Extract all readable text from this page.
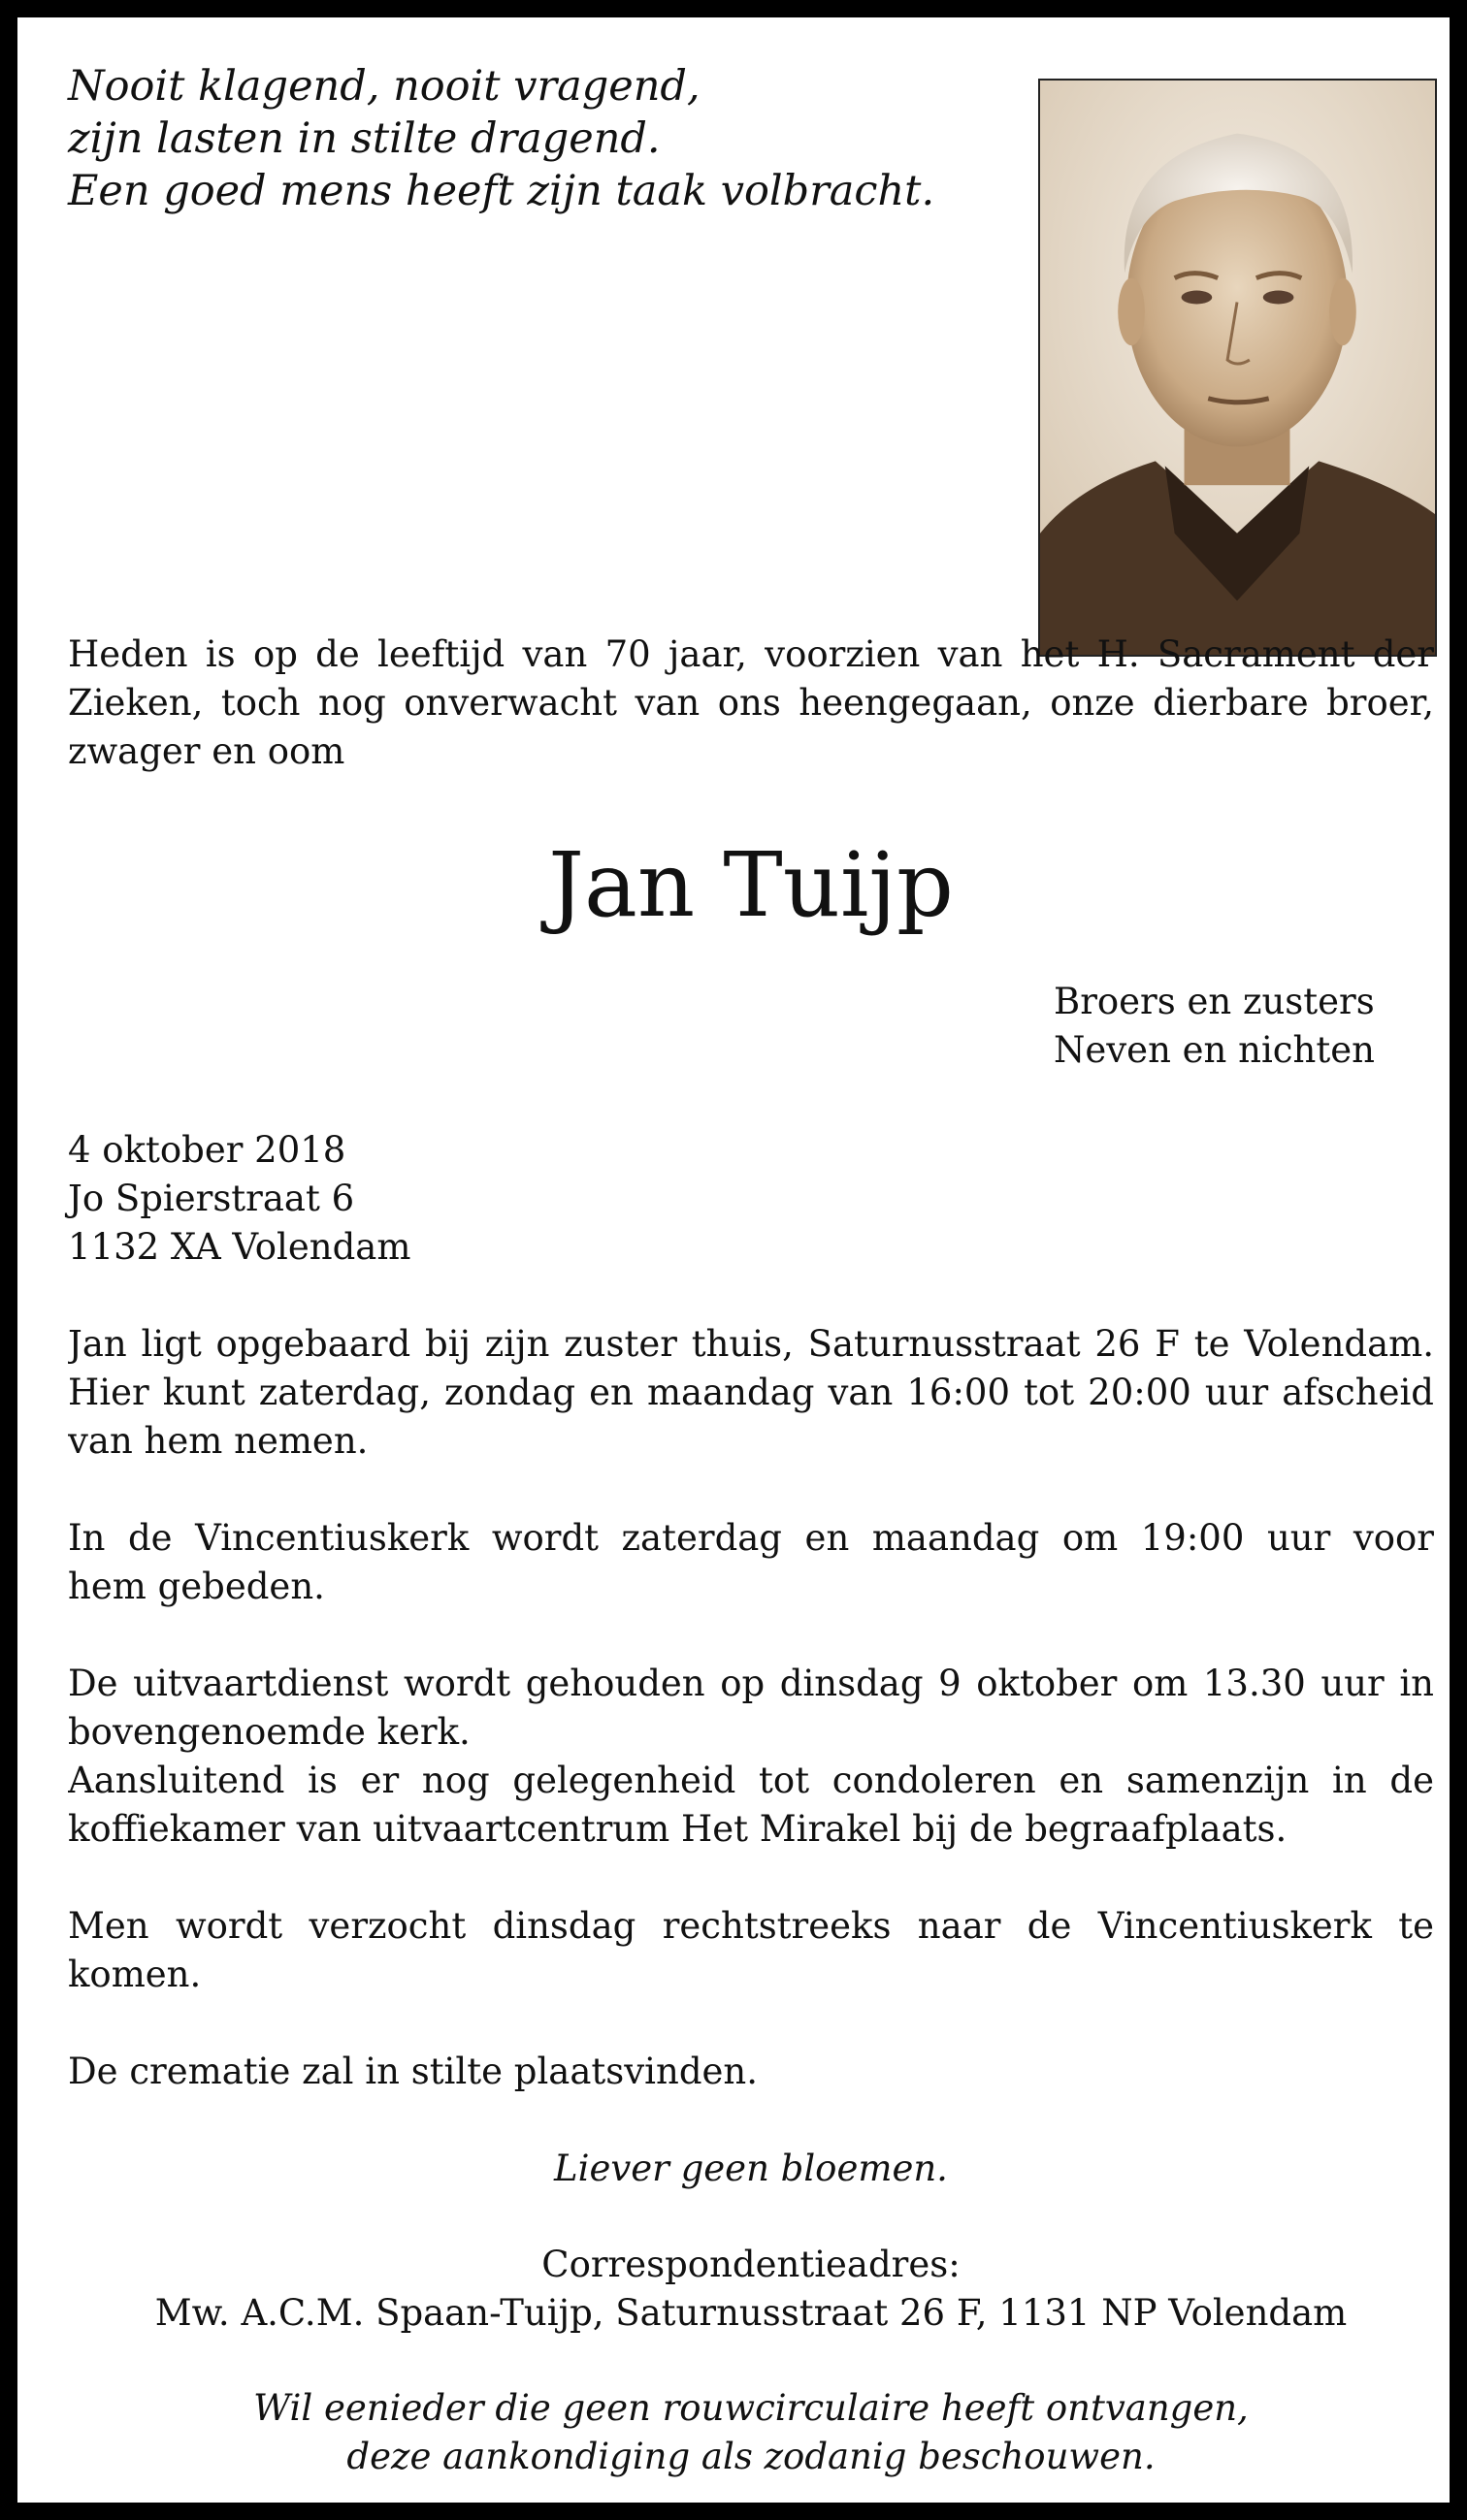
Nooit klagend, nooit vragend,
zijn lasten in stilte dragend.
Een goed mens heeft zijn taak volbracht.
Heden is op de leeftijd van 70 jaar, voorzien van het H. Sacrament der
Zieken, toch nog onverwacht van ons heengegaan, onze dierbare broer,
zwager en oom
Jan Tuijp
Broers en zusters
Neven en nichten
4 oktober 2018
Jo Spierstraat 6
1132 XA Volendam
Jan ligt opgebaard bij zijn zuster thuis, Saturnusstraat 26 F te Volendam.
Hier kunt zaterdag, zondag en maandag van 16:00 tot 20:00 uur afscheid
van hem nemen.
In de Vincentiuskerk wordt zaterdag en maandag om 19:00 uur voor
hem gebeden.
De uitvaartdienst wordt gehouden op dinsdag 9 oktober om 13.30 uur in
bovengenoemde kerk.
Aansluitend is er nog gelegenheid tot condoleren en samenzijn in de
koffiekamer van uitvaartcentrum Het Mirakel bij de begraafplaats.
Men wordt verzocht dinsdag rechtstreeks naar de Vincentiuskerk te
komen.
De crematie zal in stilte plaatsvinden.
Liever geen bloemen.
Correspondentieadres:
Mw. A.C.M. Spaan-Tuijp, Saturnusstraat 26 F, 1131 NP Volendam
Wil eenieder die geen rouwcirculaire heeft ontvangen,
deze aankondiging als zodanig beschouwen.
